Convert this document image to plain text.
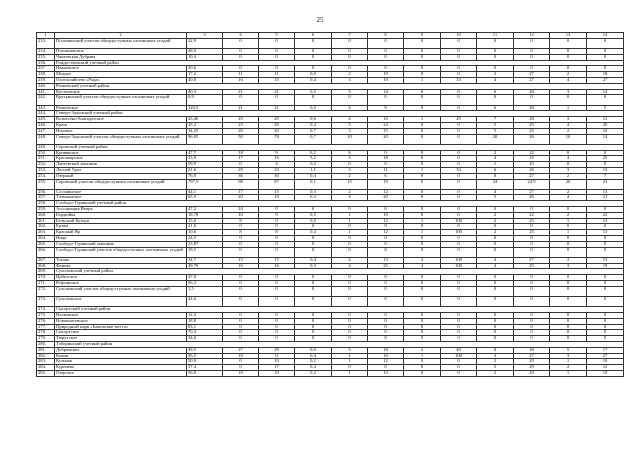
25
1	2	3	4	5	6	7	8	9	10	11	12	13	14
233.	Поломинский участок общедоступных охотничьих угодий	22,9	0	0	0	0	0	0	0	0	0	0	0
234.	Пчелиновское	28,0	0	0	0	0	0	0	0	0	0	0	0
235.	Чапаевская Дубрава	10,4	0	0	0	0	0	0	0	0	0	0	0
236.	Рождественский учетный район												
237.	Ивановское	20,6	0	0	0	0	0	0	0	0	0	0	0
238.	Медное	17,2	11	11	0,6	2	19	0	0	3	27	2	18
239.	Охотхозяйство «Рада»	40,8	16	15	0,4	3	19	1	33	4	27	4	27
240.	Репневский учетный район												
241.	Костеевское	40,3	21	21	0,5	3	14	0	0	6	28	3	14
242.	Круткинский участок общедоступных охотничьих угодий	6,9	0	0	0	0	0	0	0	0	0	0	0
243.	Репневское	120,5	21	21	0,2	2	9	0	0	6	28	1	5
244.	Северо-Задонский учетный район												
245.	Вознесено-Благодатское	43,46	25	25	0,6	4	16	1	25	7	28	3	12
246.	Крюк	45,2	23	20	0,4	5	24	0	0	5	25	4	20
247.	Низовое	34,25	20	20	0,7	3	15	0	0	5	25	2	10
248.	Северо-Задонский участок общедоступных охотничьих угодий	96,05	50	78	0,7	10	20	0	0	20	26	10	14
249.	Серовский учетный район												
250.	Кривякское	47,7	18	9	0,2	6	0	0	0	2	22	0	0
251.	Красноярское	33,9	17	16	5,2	3	18	0	0	4	25	4	25
252.	Лаптевский заказник	59,9	0	4	0,2	0	0	0	0	1	25	0	0
253.	Лесной Урал	21,6	29	23	1,1	3	11	1	33	6	26	3	13
254.	Озерный	76,9	36	30	0,4	2	6	0	0	8	27	2	7
255.	Серовский участок общедоступных охотничьих угодий	797,5	98	87	0,1	15	19	0	0	24	24,9	20	23
256.	Сосьвинское	44,1	17	15	0,3	2	12	0	0	4	27	2	13
257.	Тальминское	65,5	20	19	0,3	4	20	0	0	5	26	4	21
258.	Слободо-Туринский учетный район												
259.	Ассоциация Вепрь	47,2	24	0	0	0	0	0	0	0	0	0	0
260.	Бердюйка	18,78	10	9	0,5	1	10	0	0	2	22	2	22
261.	Бельский Кутыш	15,0	8	0	0,5	1	12	1	100	2	25	1	13
262.	Ерзям	21,6	0	0	0	0	0	0	0	0	0	0	0
263.	Красный Яр	10,6	8	8	0,4	1	12	1	100	2	25	1	13
264.	Ница	24,5	0	0	0	0	0	0	0	0	0	0	0
265.	Слободо-Туринский заказник	23,87	0	0	0	0	0	0	0	0	0	0	0
266.	Слободо-Туринский участок общедоступных охотничьих угодий	19,5	0	0	0	0	0	0	0	0	0	0	0
267.	Тотовь	34,7	15	15	0,4	2	13	3	100	4	27	2	13
268.	Феникс	49,76	16	16	0,3	4	25	4	100	4	25	3	19
269.	Сухоложский учетный район												
270.	Ирбитское	47,8	0	0	0	0	0	0	0	0	0	0	0
271.	Рефтинское	56,3	0	0	0	0	0	0	0	0	0	0	0
272.	Сухоложский участок общедоступных охотничьих угодий	1,5	0	0	0	0	0	0	0	0	0	0	0
273.	Сухоложское	44,6	0	0	0	0	0	0	0	0	0	0	0
274.	Сысертский учетный район												
275.	Волковское	12,3	0	0	0	0	0	0	0	0	0	0	0
276.	Новоипатовское	18,8	0	0	0	0	0	0	0	0	0	0	0
277.	Природный парк «Бажовские места»	83,1	0	0	0	0	0	0	0	0	0	0	0
278.	Сысертское	70,3	0	0	0	0	0	0	0	0	0	0	0
279.	Тюрутское	34,6	0	0	0	0	0	0	0	0	0	0	0
280.	Таборинский учетный район												
281.	Добринское	49,5	27	29	0,6	5	18	2	40	8	28	5	17
282.	Кокин	26,5	10	11	0,4	1	10	1	100	3	27	3	27
283.	Кузьмак	50,8	0	10	0,2	1	12	0	0	2	20	1	10
284.	Куренево	37,4	0	17	0,4	0	0	0	0	5	29	2	12
285.	Озерское	56,8	10	10	0,2	1	10	0	0	2	20	1	10
